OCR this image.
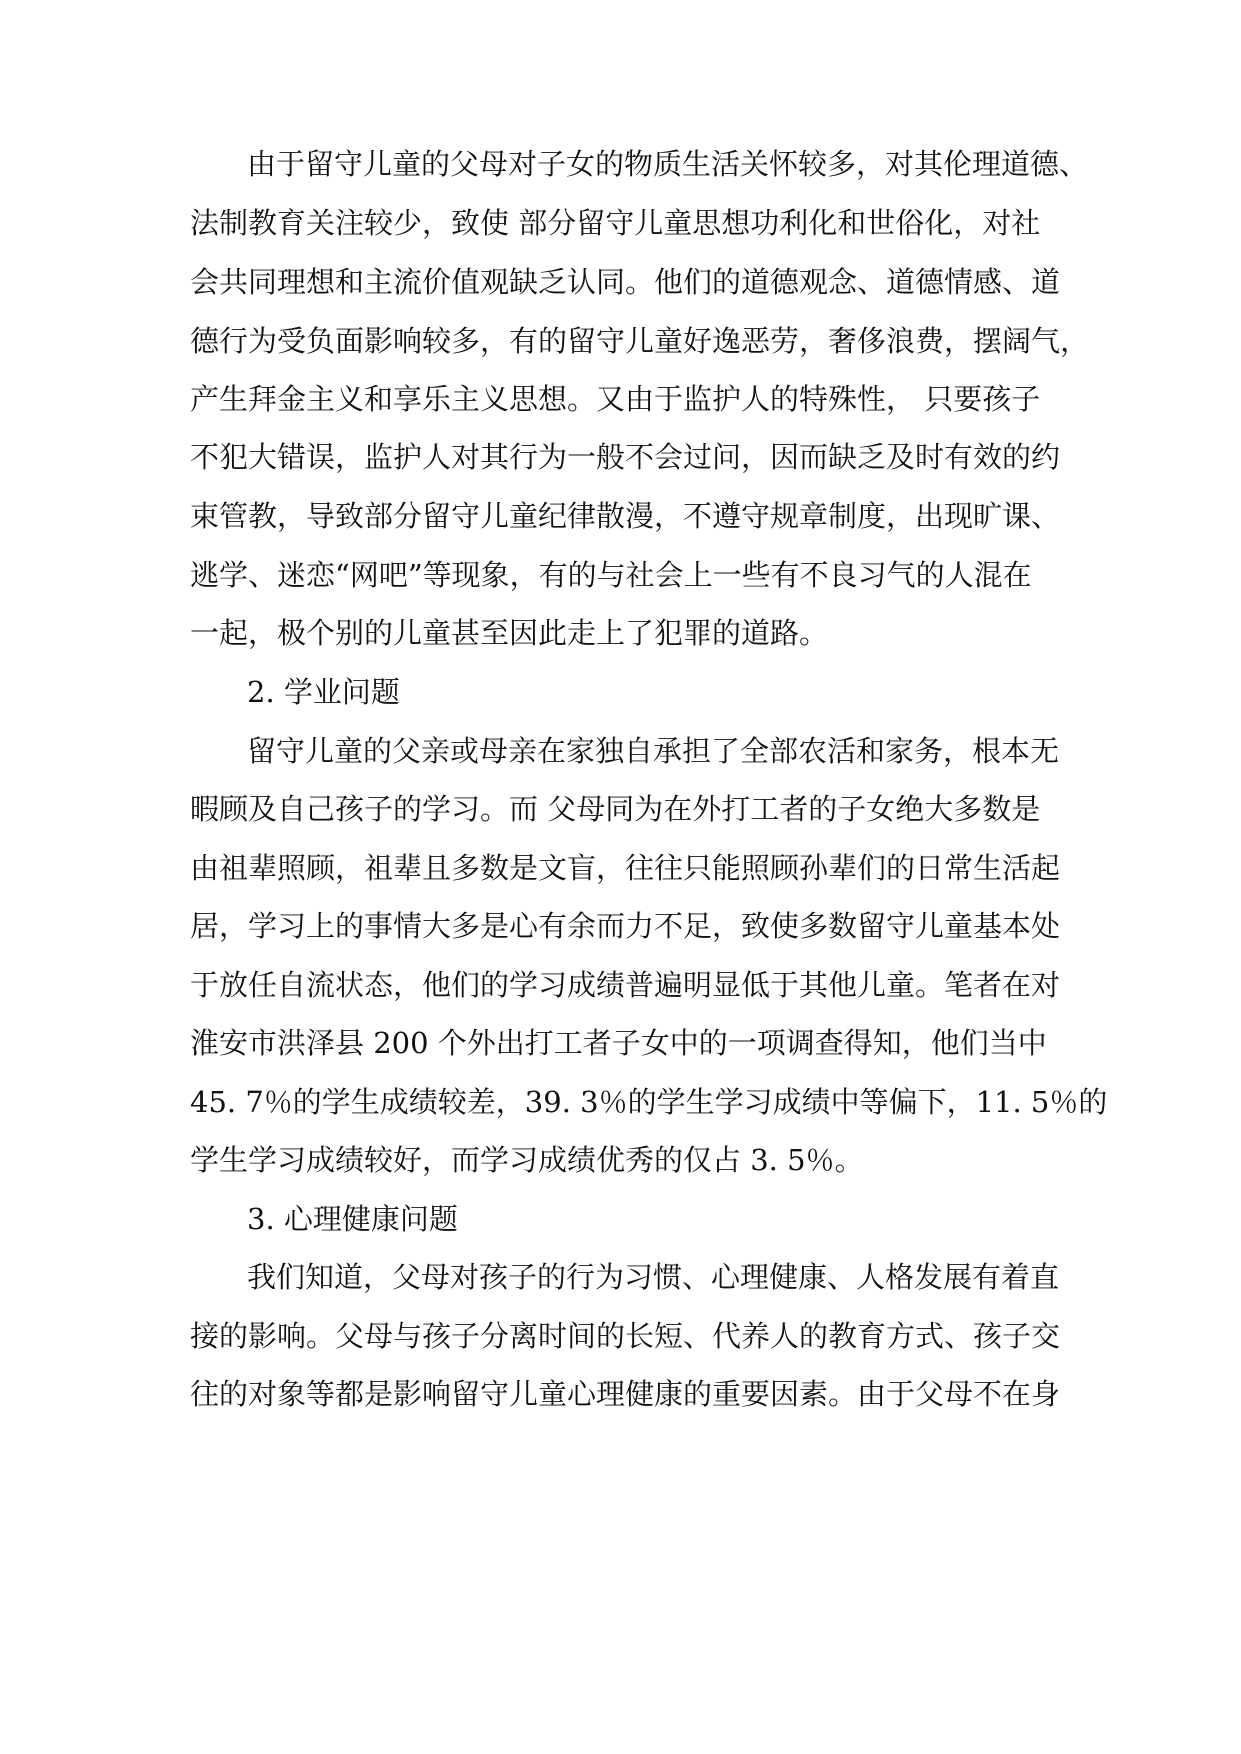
由于留守儿童的父母对子女的物质生活关怀较多，对其伦理道德、
法制教育关注较少，致使 部分留守儿童思想功利化和世俗化，对社
会共同理想和主流价值观缺乏认同。他们的道德观念、道德情感、道
德行为受负面影响较多，有的留守儿童好逸恶劳，奢侈浪费，摆阔气，
产生拜金主义和享乐主义思想。又由于监护人的特殊性， 只要孩子
不犯大错误，监护人对其行为一般不会过问，因而缺乏及时有效的约
束管教，导致部分留守儿童纪律散漫，不遵守规章制度，出现旷课、
逃学、迷恋“网吧”等现象，有的与社会上一些有不良习气的人混在
一起，极个别的儿童甚至因此走上了犯罪的道路。
2. 学业问题
留守儿童的父亲或母亲在家独自承担了全部农活和家务，根本无
暇顾及自己孩子的学习。而 父母同为在外打工者的子女绝大多数是
由祖辈照顾，祖辈且多数是文盲，往往只能照顾孙辈们的日常生活起
居，学习上的事情大多是心有余而力不足，致使多数留守儿童基本处
于放任自流状态，他们的学习成绩普遍明显低于其他儿童。笔者在对
淮安市洪泽县 200 个外出打工者子女中的一项调查得知，他们当中
45. 7％的学生成绩较差，39. 3％的学生学习成绩中等偏下，11. 5％的
学生学习成绩较好，而学习成绩优秀的仅占 3. 5％。
3. 心理健康问题
我们知道，父母对孩子的行为习惯、心理健康、人格发展有着直
接的影响。父母与孩子分离时间的长短、代养人的教育方式、孩子交
往的对象等都是影响留守儿童心理健康的重要因素。由于父母不在身
